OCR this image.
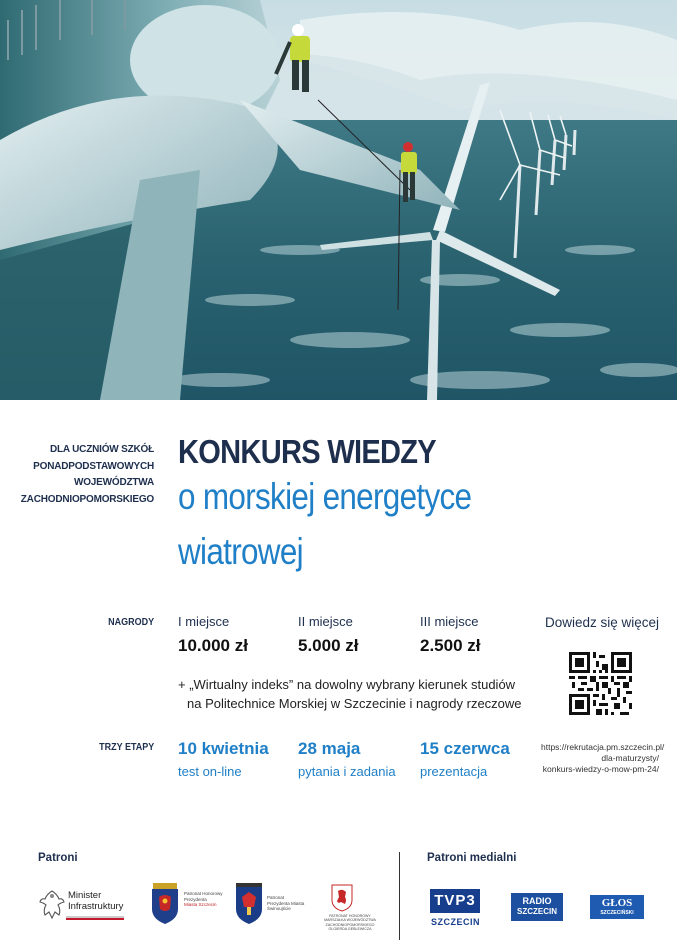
DLA UCZNIÓW SZKÓŁ
PONADPODSTAWOWYCH
WOJEWÓDZTWA
ZACHODNIOPOMORSKIEGO
KONKURS WIEDZY
o morskiej energetyce
wiatrowej
NAGRODY I miejsce
10.000 zł
II miejsce
5.000 zł
III miejsce
2.500 zł
+ „Wirtualny indeks” na dowolny wybrany kierunek studiów
na Politechnice Morskiej w Szczecinie i nagrody rzeczowe
TRZY ETAPY 10 kwietnia
test on-line
28 maja
pytania i zadania
15 czerwca
prezentacja
Dowiedz się więcej
https://rekrutacja.pm.szczecin.pl/
dla-maturzysty/
konkurs-wiedzy-o-mow-pm-24/
Patroni	Patroni medialni
Minister
Infrastruktury
Patronat Honorowy
Prezydenta
Miasta Szczecin
Patronat
Prezydenta Miasta
Świnoujście
PATRONAT HONOROWY
MARSZAŁKA WOJEWÓDZTWA
ZACHODNIOPOMORSKIEGO
OLGIERDA GEBLEWICZA
TVP3
SZCZECIN
RADIO
SZCZECIN
GŁOS
SZCZECIŃSKI
